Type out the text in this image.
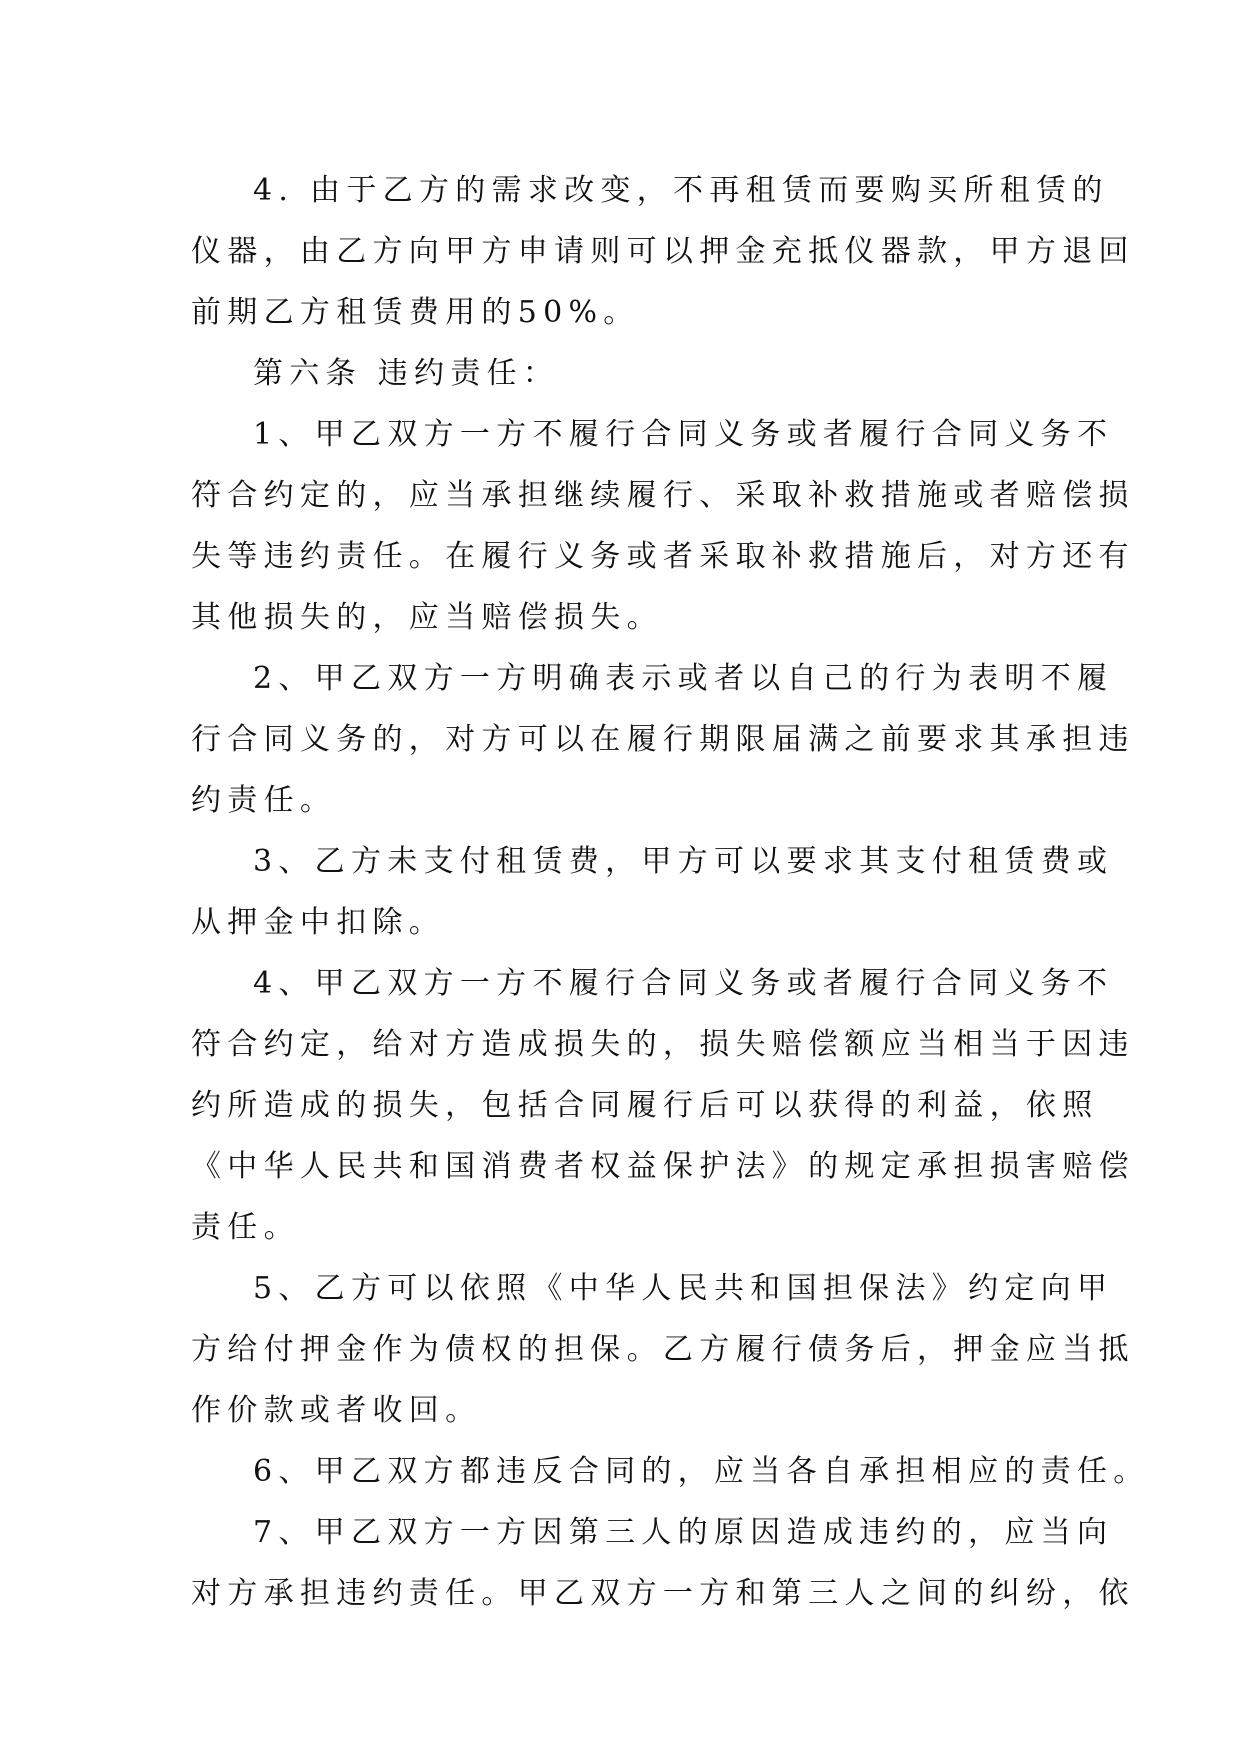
4. 由于乙方的需求改变，不再租赁而要购买所租赁的
仪器，由乙方向甲方申请则可以押金充抵仪器款，甲方退回
前期乙方租赁费用的50%。
第六条 违约责任：
1、甲乙双方一方不履行合同义务或者履行合同义务不
符合约定的，应当承担继续履行、采取补救措施或者赔偿损
失等违约责任。在履行义务或者采取补救措施后，对方还有
其他损失的，应当赔偿损失。
2、甲乙双方一方明确表示或者以自己的行为表明不履
行合同义务的，对方可以在履行期限届满之前要求其承担违
约责任。
3、乙方未支付租赁费，甲方可以要求其支付租赁费或
从押金中扣除。
4、甲乙双方一方不履行合同义务或者履行合同义务不
符合约定，给对方造成损失的，损失赔偿额应当相当于因违
约所造成的损失，包括合同履行后可以获得的利益，依照
《中华人民共和国消费者权益保护法》的规定承担损害赔偿
责任。
5、乙方可以依照《中华人民共和国担保法》约定向甲
方给付押金作为债权的担保。乙方履行债务后，押金应当抵
作价款或者收回。
6、甲乙双方都违反合同的，应当各自承担相应的责任。
7、甲乙双方一方因第三人的原因造成违约的，应当向
对方承担违约责任。甲乙双方一方和第三人之间的纠纷，依
